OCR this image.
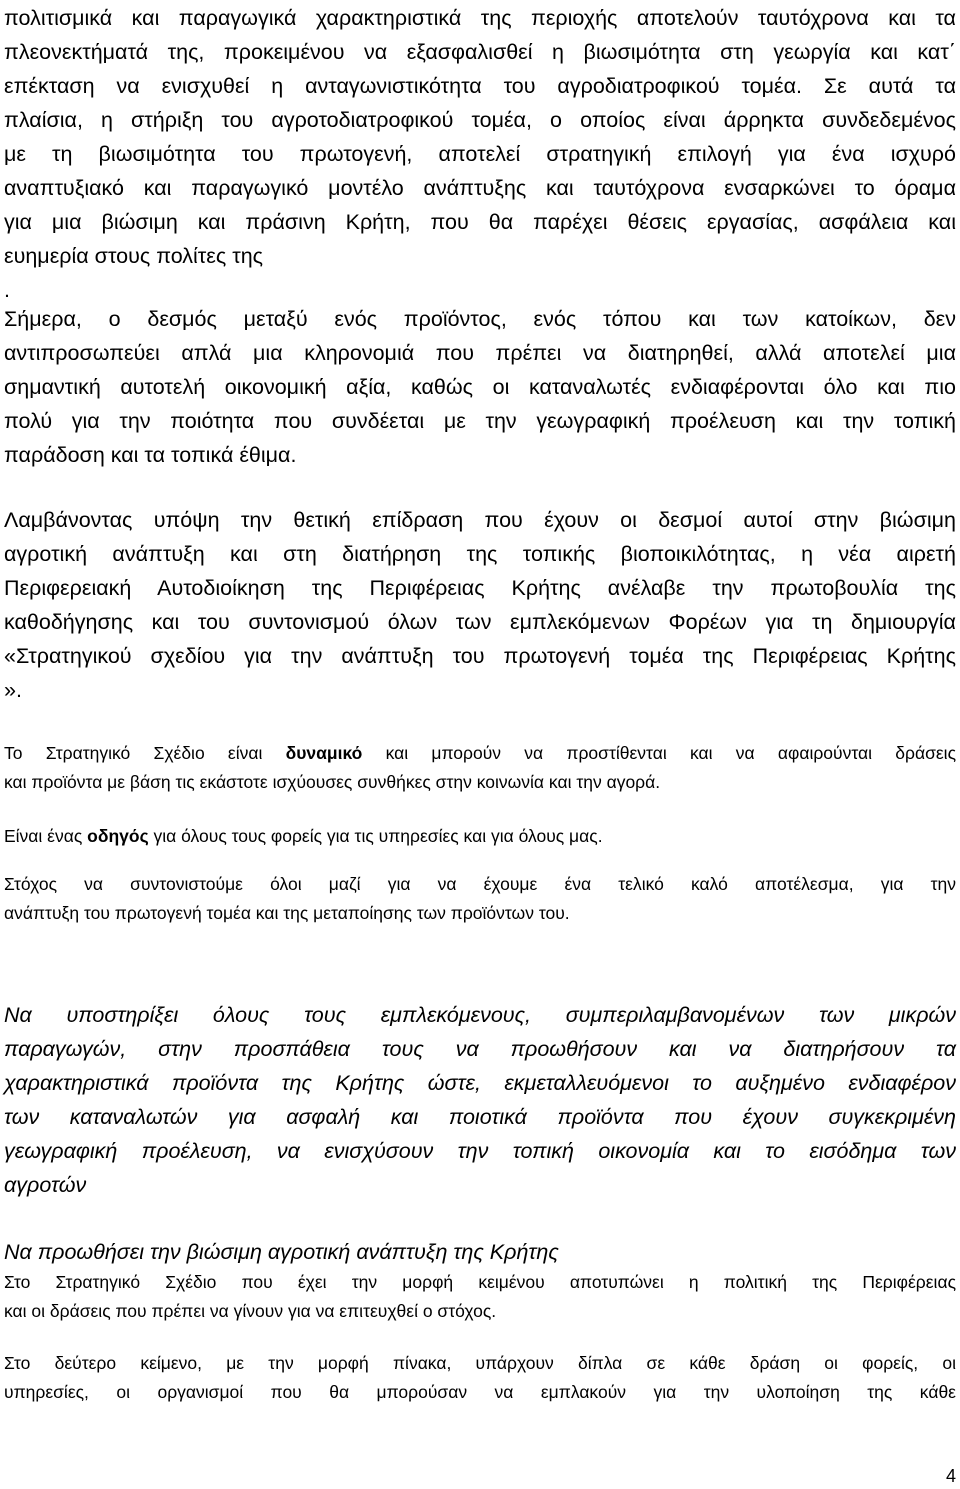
πολιτισμικά και παραγωγικά χαρακτηριστικά της περιοχής αποτελούν ταυτόχρονα και τα
πλεονεκτήματά της, προκειμένου να εξασφαλισθεί η βιωσιμότητα στη γεωργία και κατ΄
επέκταση να ενισχυθεί η ανταγωνιστικότητα του αγροδιατροφικού τομέα. Σε αυτά τα
πλαίσια, η στήριξη του αγροτοδιατροφικού τομέα, ο οποίος είναι άρρηκτα συνδεδεμένος
με τη βιωσιμότητα του πρωτογενή, αποτελεί στρατηγική επιλογή για ένα ισχυρό
αναπτυξιακό και παραγωγικό μοντέλο ανάπτυξης και ταυτόχρονα ενσαρκώνει το όραμα
για μια βιώσιμη και πράσινη Κρήτη, που θα παρέχει θέσεις εργασίας, ασφάλεια και
ευημερία στους πολίτες της
.
Σήμερα, ο δεσμός μεταξύ ενός προϊόντος, ενός τόπου και των κατοίκων, δεν
αντιπροσωπεύει απλά μια κληρονομιά που πρέπει να διατηρηθεί, αλλά αποτελεί μια
σημαντική αυτοτελή οικονομική αξία, καθώς οι καταναλωτές ενδιαφέρονται όλο και πιο
πολύ για την ποιότητα που συνδέεται με την γεωγραφική προέλευση και την τοπική
παράδοση και τα τοπικά έθιμα.
Λαμβάνοντας υπόψη την θετική επίδραση που έχουν οι δεσμοί αυτοί στην βιώσιμη
αγροτική ανάπτυξη και στη διατήρηση της τοπικής βιοποικιλότητας, η νέα αιρετή
Περιφερειακή Αυτοδιοίκηση της Περιφέρειας Κρήτης ανέλαβε την πρωτοβουλία της
καθοδήγησης και του συντονισμού όλων των εμπλεκόμενων Φορέων για τη δημιουργία
«Στρατηγικού σχεδίου για την ανάπτυξη του πρωτογενή τομέα της Περιφέρειας Κρήτης
».
Το Στρατηγικό Σχέδιο είναι δυναμικό και μπορούν να προστίθενται και να αφαιρούνται δράσεις
και προϊόντα με βάση τις εκάστοτε ισχύουσες συνθήκες στην κοινωνία και την αγορά.
Είναι ένας οδηγός για όλους τους φορείς για τις υπηρεσίες και για όλους μας.
Στόχος να συντονιστούμε όλοι μαζί για να έχουμε ένα τελικό καλό αποτέλεσμα, για την
ανάπτυξη του πρωτογενή τομέα και της μεταποίησης των προϊόντων του.
Να υποστηρίξει όλους τους εμπλεκόμενους, συμπεριλαμβανομένων των μικρών
παραγωγών, στην προσπάθεια τους να προωθήσουν και να διατηρήσουν τα
χαρακτηριστικά προϊόντα της Κρήτης ώστε, εκμεταλλευόμενοι το αυξημένο ενδιαφέρον
των καταναλωτών για ασφαλή και ποιοτικά προϊόντα που έχουν συγκεκριμένη
γεωγραφική προέλευση, να ενισχύσουν την τοπική οικονομία και το εισόδημα των
αγροτών
Να προωθήσει την βιώσιμη αγροτική ανάπτυξη της Κρήτης
Στο Στρατηγικό Σχέδιο που έχει την μορφή κειμένου αποτυπώνει η πολιτική της Περιφέρειας
και οι δράσεις που πρέπει να γίνουν για να επιτευχθεί ο στόχος.
Στο δεύτερο κείμενο, με την μορφή πίνακα, υπάρχουν δίπλα σε κάθε δράση οι φορείς, οι
υπηρεσίες, οι οργανισμοί που θα μπορούσαν να εμπλακούν για την υλοποίηση της κάθε
4
